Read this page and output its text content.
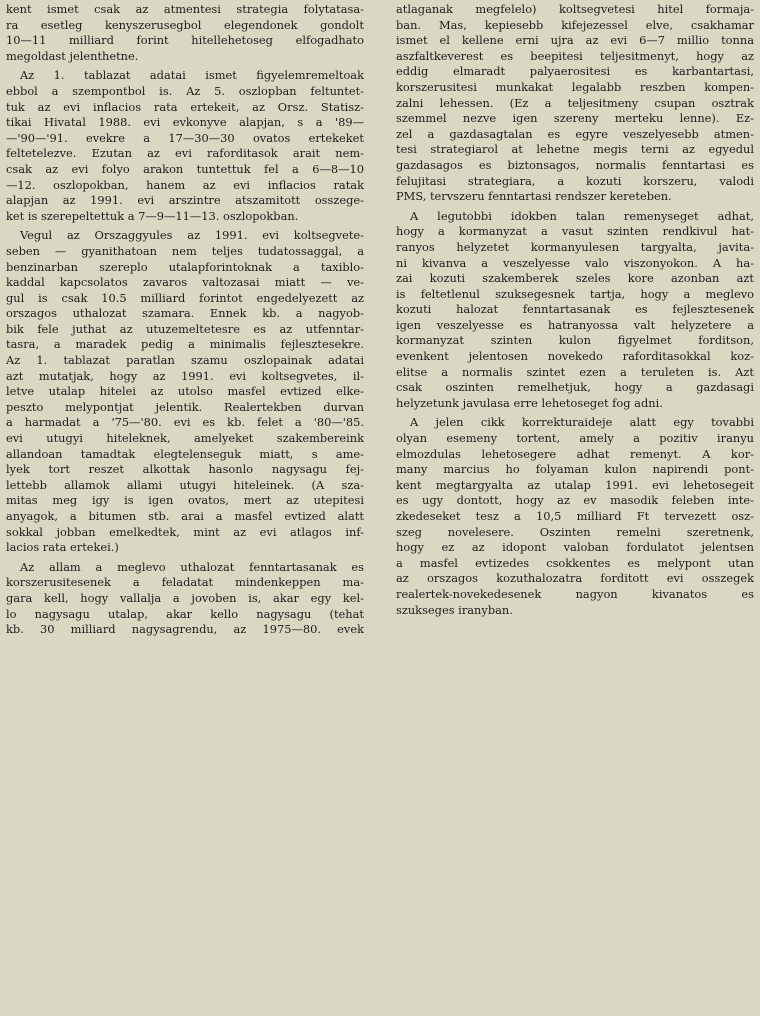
kent ismet csak az atmentesi strategia folytatasa-
ra esetleg kenyszerusegbol elegendonek gondolt
10—11 milliard forint hitellehetoseg elfogadhato
megoldast jelenthetne.
Az 1. tablazat adatai ismet figyelemremeltoak
ebbol a szempontbol is. Az 5. oszlopban feltuntet-
tuk az evi inflacios rata ertekeit, az Orsz. Statisz-
tikai Hivatal 1988. evi evkonyve alapjan, s a '89—
—'90—'91. evekre a 17—30—30 ovatos ertekeket
feltetelezve. Ezutan az evi raforditasok arait nem-
csak az evi folyo arakon tuntettuk fel a 6—8—10
—12. oszlopokban, hanem az evi inflacios ratak
alapjan az 1991. evi arszintre atszamitott osszege-
ket is szerepeltettuk a 7—9—11—13. oszlopokban.
Vegul az Orszaggyules az 1991. evi koltsegvete-
seben — gyanithatoan nem teljes tudatossaggal, a
benzinarban szereplo utalapforintoknak a taxiblo-
kaddal kapcsolatos zavaros valtozasai miatt — ve-
gul is csak 10.5 milliard forintot engedelyezett az
orszagos uthalozat szamara. Ennek kb. a nagyob-
bik fele juthat az utuzemeltetesre es az utfenntar-
tasra, a maradek pedig a minimalis fejlesztesekre.
Az 1. tablazat paratlan szamu oszlopainak adatai
azt mutatjak, hogy az 1991. evi koltsegvetes, il-
letve utalap hitelei az utolso masfel evtized elke-
peszto melypontjat jelentik. Realertekben durvan
a harmadat a '75—'80. evi es kb. felet a '80—'85.
evi utugyi hiteleknek, amelyeket szakembereink
allandoan tamadtak elegtelenseguk miatt, s ame-
lyek tort reszet alkottak hasonlo nagysagu fej-
lettebb allamok allami utugyi hiteleinek. (A sza-
mitas meg igy is igen ovatos, mert az utepitesi
anyagok, a bitumen stb. arai a masfel evtized alatt
sokkal jobban emelkedtek, mint az evi atlagos inf-
lacios rata ertekei.)
Az allam a meglevo uthalozat fenntartasanak es
korszerusitesenek a feladatat mindenkeppen ma-
gara kell, hogy vallalja a jovoben is, akar egy kel-
lo nagysagu utalap, akar kello nagysagu (tehat
kb. 30 milliard nagysagrendu, az 1975—80. evek
atlaganak megfelelo) koltsegvetesi hitel formaja-
ban. Mas, kepiesebb kifejezessel elve, csakhamar
ismet el kellene erni ujra az evi 6—7 millio tonna
aszfaltkeverest es beepitesi teljesitmenyt, hogy az
eddig elmaradt palyaerositesi es karbantartasi,
korszerusitesi munkakat legalabb reszben kompen-
zalni lehessen. (Ez a teljesitmeny csupan osztrak
szemmel nezve igen szereny merteku lenne). Ez-
zel a gazdasagtalan es egyre veszelyesebb atmen-
tesi strategiarol at lehetne megis terni az egyedul
gazdasagos es biztonsagos, normalis fenntartasi es
felujitasi strategiara, a kozuti korszeru, valodi
PMS, tervszeru fenntartasi rendszer kereteben.
A legutobbi idokben talan remenyseget adhat,
hogy a kormanyzat a vasut szinten rendkivul hat-
ranyos helyzetet kormanyulesen targyalta, javita-
ni kivanva a veszelyesse valo viszonyokon. A ha-
zai kozuti szakemberek szeles kore azonban azt
is feltetlenul szuksegesnek tartja, hogy a meglevo
kozuti halozat fenntartasanak es fejlesztesenek
igen veszelyesse es hatranyossa valt helyzetere a
kormanyzat szinten kulon figyelmet forditson,
evenkent jelentosen novekedo raforditasokkal koz-
elitse a normalis szintet ezen a teruleten is. Azt
csak oszinten remelhetjuk, hogy a gazdasagi
helyzetunk javulasa erre lehetoseget fog adni.
A jelen cikk korrekturaideje alatt egy tovabbi
olyan esemeny tortent, amely a pozitiv iranyu
elmozdulas lehetosegere adhat remenyt. A kor-
many marcius ho folyaman kulon napirendi pont-
kent megtargyalta az utalap 1991. evi lehetosegeit
es ugy dontott, hogy az ev masodik feleben inte-
zkedeseket tesz a 10,5 milliard Ft tervezett osz-
szeg novelesere. Oszinten remelni szeretnenk,
hogy ez az idopont valoban fordulatot jelentsen
a masfel evtizedes csokkentes es melypont utan
az orszagos kozuthalozatra forditott evi osszegek
realertek-novekedesenek nagyon kivanatos es
szukseges iranyban.
